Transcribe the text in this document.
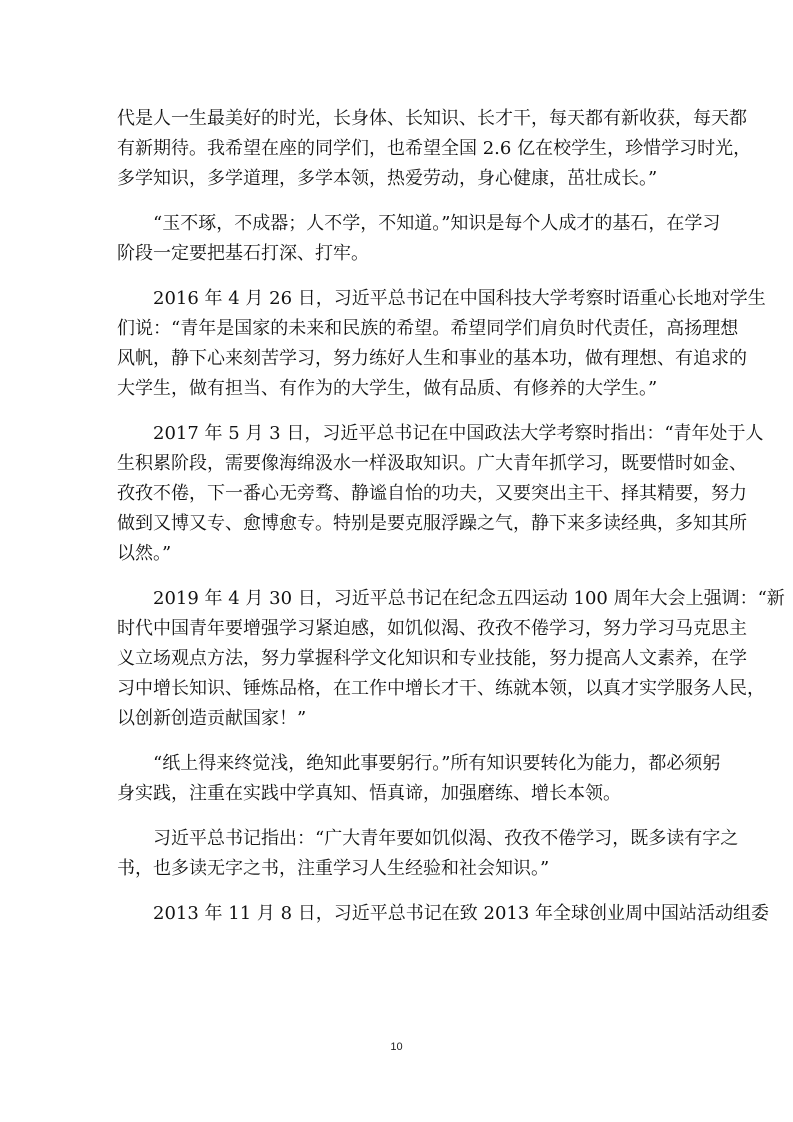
代是人一生最美好的时光，长身体、长知识、长才干，每天都有新收获，每天都
有新期待。我希望在座的同学们，也希望全国 2.6 亿在校学生，珍惜学习时光，
多学知识，多学道理，多学本领，热爱劳动，身心健康，茁壮成长。”
“玉不琢，不成器；人不学，不知道。”知识是每个人成才的基石，在学习
阶段一定要把基石打深、打牢。
2016 年 4 月 26 日，习近平总书记在中国科技大学考察时语重心长地对学生
们说：“青年是国家的未来和民族的希望。希望同学们肩负时代责任，高扬理想
风帆，静下心来刻苦学习，努力练好人生和事业的基本功，做有理想、有追求的
大学生，做有担当、有作为的大学生，做有品质、有修养的大学生。”
2017 年 5 月 3 日，习近平总书记在中国政法大学考察时指出：“青年处于人
生积累阶段，需要像海绵汲水一样汲取知识。广大青年抓学习，既要惜时如金、
孜孜不倦，下一番心无旁骛、静谧自怡的功夫，又要突出主干、择其精要，努力
做到又博又专、愈博愈专。特别是要克服浮躁之气，静下来多读经典，多知其所
以然。”
2019 年 4 月 30 日，习近平总书记在纪念五四运动 100 周年大会上强调：“新
时代中国青年要增强学习紧迫感，如饥似渴、孜孜不倦学习，努力学习马克思主
义立场观点方法，努力掌握科学文化知识和专业技能，努力提高人文素养，在学
习中增长知识、锤炼品格，在工作中增长才干、练就本领，以真才实学服务人民，
以创新创造贡献国家！”
“纸上得来终觉浅，绝知此事要躬行。”所有知识要转化为能力，都必须躬
身实践，注重在实践中学真知、悟真谛，加强磨练、增长本领。
习近平总书记指出：“广大青年要如饥似渴、孜孜不倦学习，既多读有字之
书，也多读无字之书，注重学习人生经验和社会知识。”
2013 年 11 月 8 日，习近平总书记在致 2013 年全球创业周中国站活动组委
10
